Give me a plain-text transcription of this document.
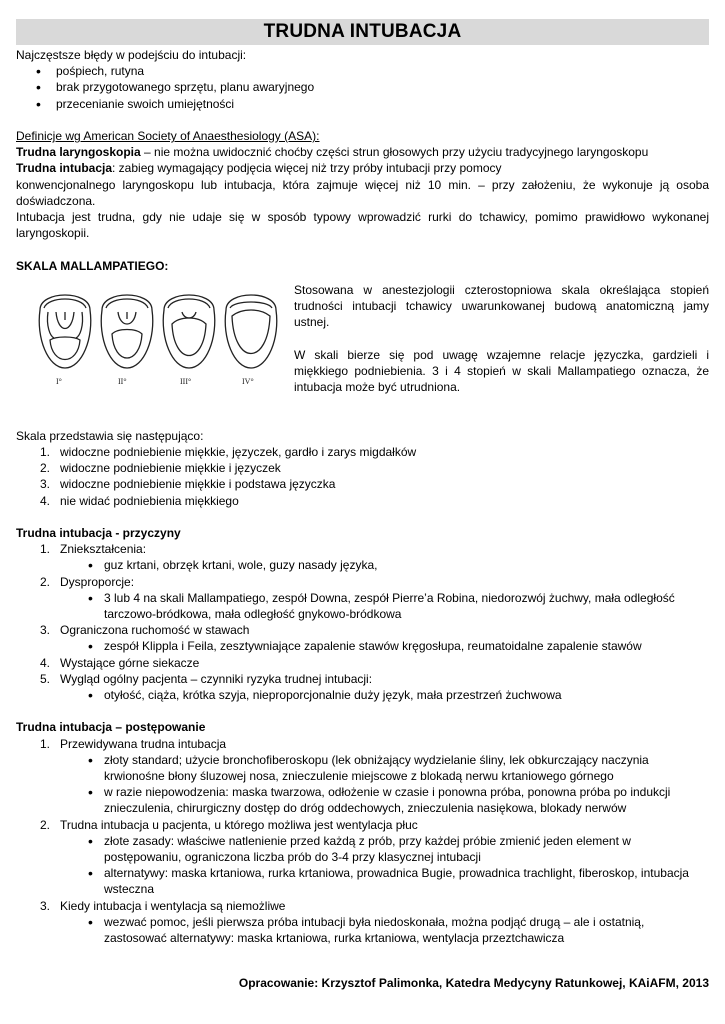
TRUDNA INTUBACJA

Najczęstsze błędy w podejściu do intubacji:

• pośpiech, rutyna
• brak przygotowanego sprzętu, planu awaryjnego
• przecenianie swoich umiejętności

Definicje wg American Society of Anaesthesiology (ASA):

Trudna laryngoskopia – nie można uwidocznić choćby części strun głosowych przy użyciu tradycyjnego laryngoskopu

Trudna intubacja: zabieg wymagający podjęcia więcej niż trzy próby intubacji przy pomocy

konwencjonalnego laryngoskopu lub intubacja, która zajmuje więcej niż 10 min. – przy założeniu, że wykonuje ją osoba doświadczona.

Intubacja jest trudna, gdy nie udaje się w sposób typowy wprowadzić rurki do tchawicy, pomimo prawidłowo wykonanej laryngoskopii.

SKALA MALLAMPATIEGO:

I°	II°	III°	IV°

Stosowana w anestezjologii czterostopniowa skala określająca stopień trudności intubacji tchawicy uwarunkowanej budową anatomiczną jamy ustnej.

W skali bierze się pod uwagę wzajemne relacje języczka, gardzieli i miękkiego podniebienia. 3 i 4 stopień w skali Mallampatiego oznacza, że intubacja może być utrudniona.

Skala przedstawia się następująco:

1. widoczne podniebienie miękkie, języczek, gardło i zarys migdałków
2. widoczne podniebienie miękkie i języczek
3. widoczne podniebienie miękkie i podstawa języczka
4. nie widać podniebienia miękkiego

Trudna intubacja - przyczyny

1. Zniekształcenia:
• guz krtani, obrzęk krtani, wole, guzy nasady języka,
2. Dysproporcje:
• 3 lub 4 na skali Mallampatiego, zespół Downa, zespół Pierre’a Robina, niedorozwój żuchwy, mała odległość tarczowo-bródkowa, mała odległość gnykowo-bródkowa
3. Ograniczona ruchomość w stawach
• zespół Klippla i Feila, zesztywniające zapalenie stawów kręgosłupa, reumatoidalne zapalenie stawów
4. Wystające górne siekacze
5. Wygląd ogólny pacjenta – czynniki ryzyka trudnej intubacji:
• otyłość, ciąża, krótka szyja, nieproporcjonalnie duży język, mała przestrzeń żuchwowa

Trudna intubacja – postępowanie

1. Przewidywana trudna intubacja
• złoty standard; użycie bronchofiberoskopu (lek obniżający wydzielanie śliny, lek obkurczający naczynia krwionośne błony śluzowej nosa, znieczulenie miejscowe z blokadą nerwu krtaniowego górnego
• w razie niepowodzenia: maska twarzowa, odłożenie w czasie i ponowna próba, ponowna próba po indukcji znieczulenia, chirurgiczny dostęp do dróg oddechowych, znieczulenia nasiękowa, blokady nerwów
2. Trudna intubacja u pacjenta, u którego możliwa jest wentylacja płuc
• złote zasady: właściwe natlenienie przed każdą z prób, przy każdej próbie zmienić jeden element w postępowaniu, ograniczona liczba prób do 3-4 przy klasycznej intubacji
• alternatywy: maska krtaniowa, rurka krtaniowa, prowadnica Bugie, prowadnica trachlight, fiberoskop, intubacja wsteczna
3. Kiedy intubacja i wentylacja są niemożliwe
• wezwać pomoc, jeśli pierwsza próba intubacji była niedoskonała, można podjąć drugą – ale i ostatnią, zastosować alternatywy: maska krtaniowa, rurka krtaniowa, wentylacja przeztchawicza
Opracowanie: Krzysztof Palimonka, Katedra Medycyny Ratunkowej, KAiAFM, 2013
